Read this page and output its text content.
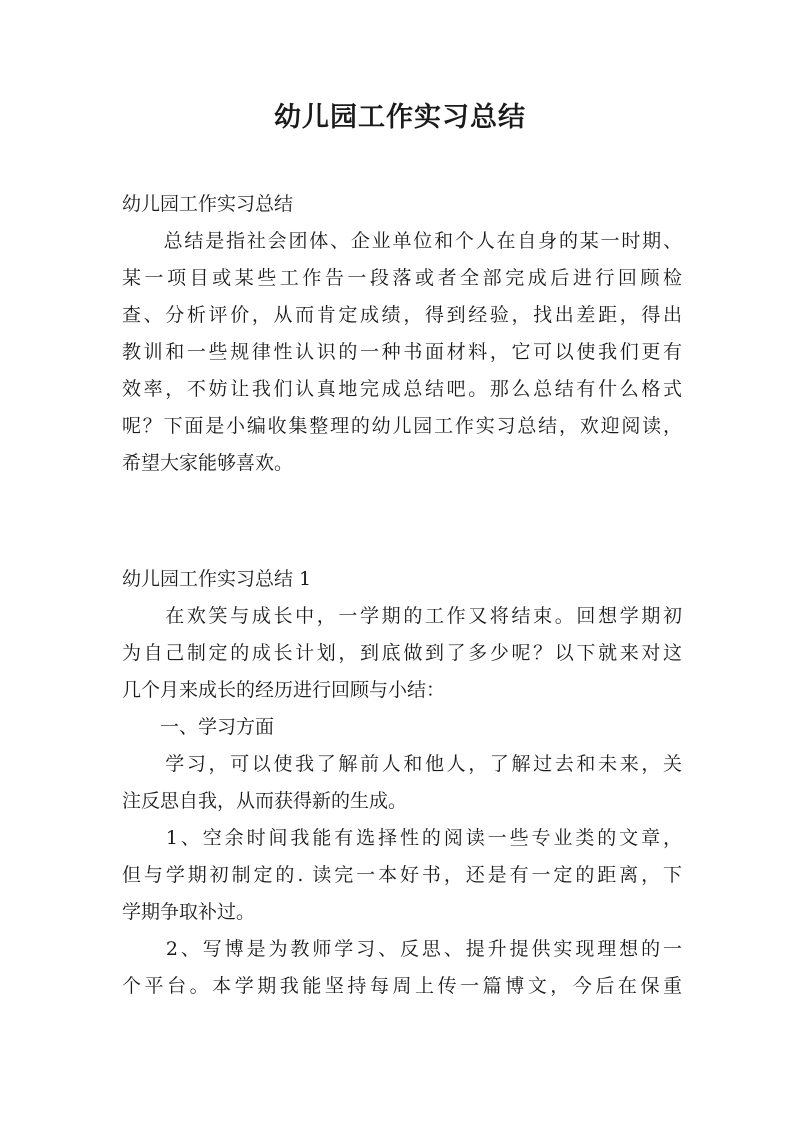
幼儿园工作实习总结
幼儿园工作实习总结
　　总结是指社会团体、企业单位和个人在自身的某一时期、
某一项目或某些工作告一段落或者全部完成后进行回顾检
查、分析评价，从而肯定成绩，得到经验，找出差距，得出
教训和一些规律性认识的一种书面材料，它可以使我们更有
效率，不妨让我们认真地完成总结吧。那么总结有什么格式
呢？下面是小编收集整理的幼儿园工作实习总结，欢迎阅读，
希望大家能够喜欢。
幼儿园工作实习总结 1
　　在欢笑与成长中，一学期的工作又将结束。回想学期初
为自己制定的成长计划，到底做到了多少呢？以下就来对这
几个月来成长的经历进行回顾与小结：
　　一、学习方面
　　学习，可以使我了解前人和他人，了解过去和未来，关
注反思自我，从而获得新的生成。
　　1、空余时间我能有选择性的阅读一些专业类的文章，
但与学期初制定的. 读完一本好书，还是有一定的距离，下
学期争取补过。
　　2、写博是为教师学习、反思、提升提供实现理想的一
个平台。本学期我能坚持每周上传一篇博文，今后在保重
